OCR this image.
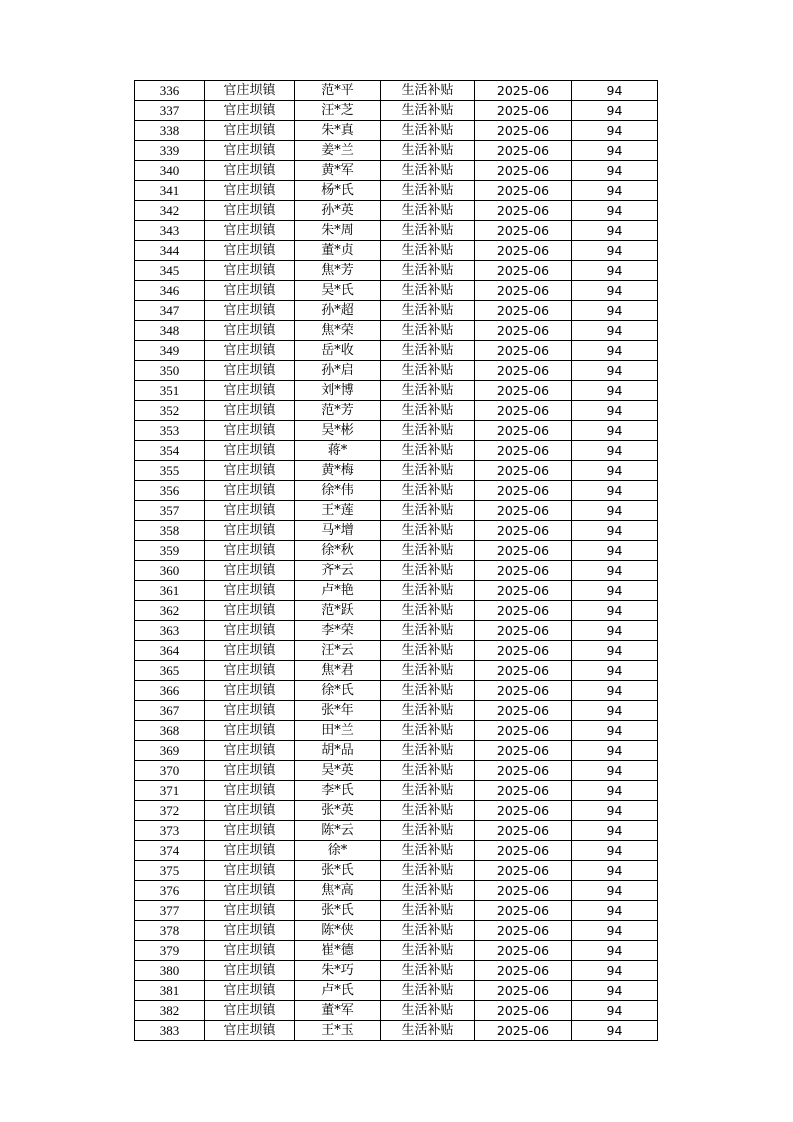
336	官庄坝镇	范*平	生活补贴	2025-06	94
337	官庄坝镇	汪*芝	生活补贴	2025-06	94
338	官庄坝镇	朱*真	生活补贴	2025-06	94
339	官庄坝镇	姜*兰	生活补贴	2025-06	94
340	官庄坝镇	黄*军	生活补贴	2025-06	94
341	官庄坝镇	杨*氏	生活补贴	2025-06	94
342	官庄坝镇	孙*英	生活补贴	2025-06	94
343	官庄坝镇	朱*周	生活补贴	2025-06	94
344	官庄坝镇	董*贞	生活补贴	2025-06	94
345	官庄坝镇	焦*芳	生活补贴	2025-06	94
346	官庄坝镇	吴*氏	生活补贴	2025-06	94
347	官庄坝镇	孙*超	生活补贴	2025-06	94
348	官庄坝镇	焦*荣	生活补贴	2025-06	94
349	官庄坝镇	岳*收	生活补贴	2025-06	94
350	官庄坝镇	孙*启	生活补贴	2025-06	94
351	官庄坝镇	刘*博	生活补贴	2025-06	94
352	官庄坝镇	范*芳	生活补贴	2025-06	94
353	官庄坝镇	吴*彬	生活补贴	2025-06	94
354	官庄坝镇	蒋*	生活补贴	2025-06	94
355	官庄坝镇	黄*梅	生活补贴	2025-06	94
356	官庄坝镇	徐*伟	生活补贴	2025-06	94
357	官庄坝镇	王*莲	生活补贴	2025-06	94
358	官庄坝镇	马*增	生活补贴	2025-06	94
359	官庄坝镇	徐*秋	生活补贴	2025-06	94
360	官庄坝镇	齐*云	生活补贴	2025-06	94
361	官庄坝镇	卢*艳	生活补贴	2025-06	94
362	官庄坝镇	范*跃	生活补贴	2025-06	94
363	官庄坝镇	李*荣	生活补贴	2025-06	94
364	官庄坝镇	汪*云	生活补贴	2025-06	94
365	官庄坝镇	焦*君	生活补贴	2025-06	94
366	官庄坝镇	徐*氏	生活补贴	2025-06	94
367	官庄坝镇	张*年	生活补贴	2025-06	94
368	官庄坝镇	田*兰	生活补贴	2025-06	94
369	官庄坝镇	胡*品	生活补贴	2025-06	94
370	官庄坝镇	吴*英	生活补贴	2025-06	94
371	官庄坝镇	李*氏	生活补贴	2025-06	94
372	官庄坝镇	张*英	生活补贴	2025-06	94
373	官庄坝镇	陈*云	生活补贴	2025-06	94
374	官庄坝镇	徐*	生活补贴	2025-06	94
375	官庄坝镇	张*氏	生活补贴	2025-06	94
376	官庄坝镇	焦*高	生活补贴	2025-06	94
377	官庄坝镇	张*氏	生活补贴	2025-06	94
378	官庄坝镇	陈*侠	生活补贴	2025-06	94
379	官庄坝镇	崔*德	生活补贴	2025-06	94
380	官庄坝镇	朱*巧	生活补贴	2025-06	94
381	官庄坝镇	卢*氏	生活补贴	2025-06	94
382	官庄坝镇	董*军	生活补贴	2025-06	94
383	官庄坝镇	王*玉	生活补贴	2025-06	94
